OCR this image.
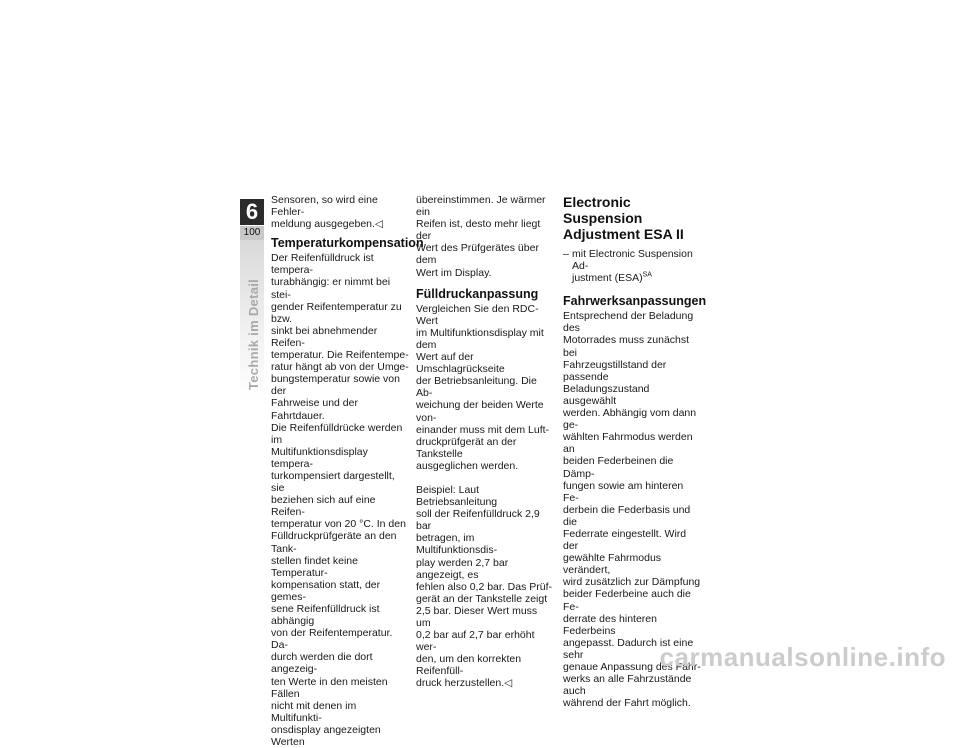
6
100
Technik im Detail

Sensoren, so wird eine Fehler-
meldung ausgegeben.◁

Temperaturkompensation

Der Reifenfülldruck ist tempera-
turabhängig: er nimmt bei stei-
gender Reifentemperatur zu bzw.
sinkt bei abnehmender Reifen-
temperatur. Die Reifentempe-
ratur hängt ab von der Umge-
bungstemperatur sowie von der
Fahrweise und der Fahrtdauer.
Die Reifenfülldrücke werden im
Multifunktionsdisplay tempera-
turkompensiert dargestellt, sie
beziehen sich auf eine Reifen-
temperatur von 20 °C. In den
Fülldruckprüfgeräte an den Tank-
stellen findet keine Temperatur-
kompensation statt, der gemes-
sene Reifenfülldruck ist abhängig
von der Reifentemperatur. Da-
durch werden die dort angezeig-
ten Werte in den meisten Fällen
nicht mit denen im Multifunkti-
onsdisplay angezeigten Werten

übereinstimmen. Je wärmer ein
Reifen ist, desto mehr liegt der
Wert des Prüfgerätes über dem
Wert im Display.

Fülldruckanpassung

Vergleichen Sie den RDC-Wert
im Multifunktionsdisplay mit dem
Wert auf der Umschlagrückseite
der Betriebsanleitung. Die Ab-
weichung der beiden Werte von-
einander muss mit dem Luft-
druckprüfgerät an der Tankstelle
ausgeglichen werden.

Beispiel: Laut Betriebsanleitung
soll der Reifenfülldruck 2,9 bar
betragen, im Multifunktionsdis-
play werden 2,7 bar angezeigt, es
fehlen also 0,2 bar. Das Prüf-
gerät an der Tankstelle zeigt
2,5 bar. Dieser Wert muss um
0,2 bar auf 2,7 bar erhöht wer-
den, um den korrekten Reifenfüll-
druck herzustellen.◁

Electronic Suspension
Adjustment ESA II
– mit Electronic Suspension Ad-
justment (ESA)$^{SA}$
Fahrwerksanpassungen

Entsprechend der Beladung des
Motorrades muss zunächst bei
Fahrzeugstillstand der passende
Beladungszustand ausgewählt
werden. Abhängig vom dann ge-
wählten Fahrmodus werden an
beiden Federbeinen die Dämp-
fungen sowie am hinteren Fe-
derbein die Federbasis und die
Federrate eingestellt. Wird der
gewählte Fahrmodus verändert,
wird zusätzlich zur Dämpfung
beider Federbeine auch die Fe-
derrate des hinteren Federbeins
angepasst. Dadurch ist eine sehr
genaue Anpassung des Fahr-
werks an alle Fahrzustände auch
während der Fahrt möglich.

carmanualsonline.info
